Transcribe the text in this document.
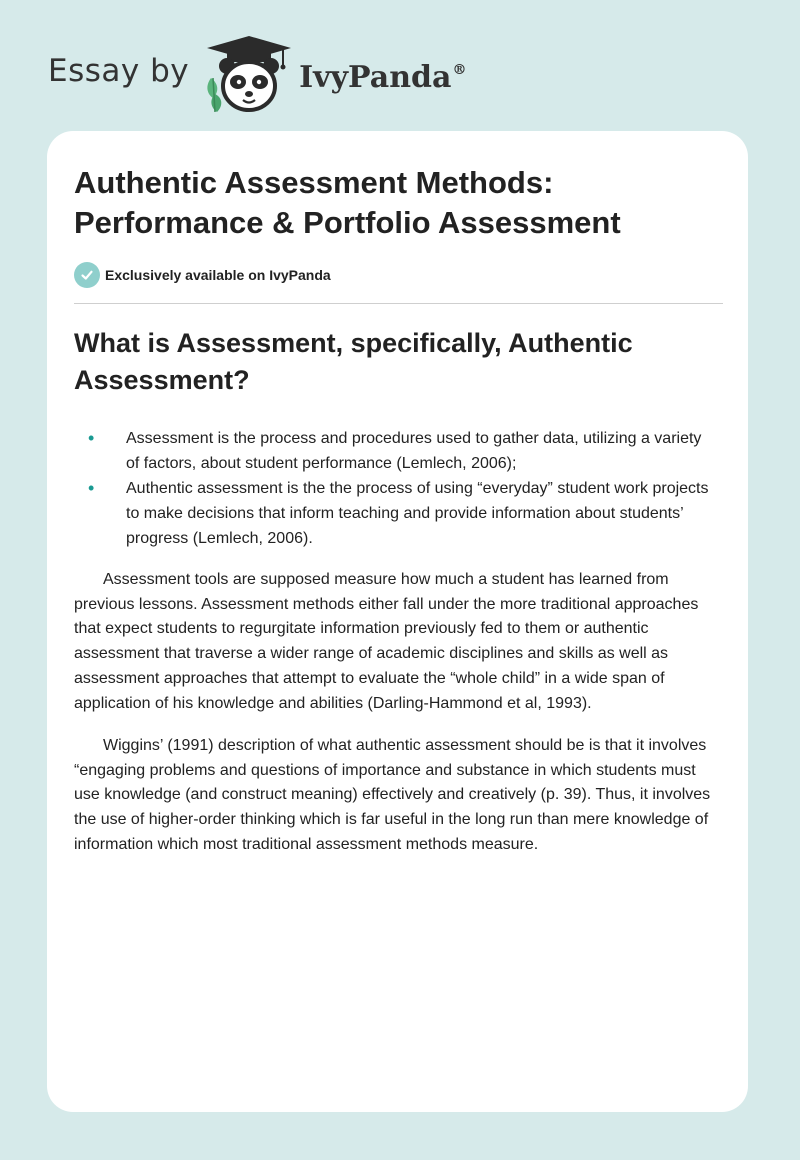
Essay by	IvyPanda®
Authentic Assessment Methods:
Performance & Portfolio Assessment
Exclusively available on IvyPanda
What is Assessment, specifically, Authentic Assessment?
• Assessment is the process and procedures used to gather data, utilizing a variety of factors, about student performance (Lemlech, 2006);
• Authentic assessment is the the process of using “everyday” student work projects to make decisions that inform teaching and provide information about students’ progress (Lemlech, 2006).

Assessment tools are supposed measure how much a student has learned from previous lessons. Assessment methods either fall under the more traditional approaches that expect students to regurgitate information previously fed to them or authentic assessment that traverse a wider range of academic disciplines and skills as well as assessment approaches that attempt to evaluate the “whole child” in a wide span of application of his knowledge and abilities (Darling-Hammond et al, 1993).

Wiggins’ (1991) description of what authentic assessment should be is that it involves “engaging problems and questions of importance and substance in which students must use knowledge (and construct meaning) effectively and creatively (p. 39). Thus, it involves the use of higher-order thinking which is far useful in the long run than mere knowledge of information which most traditional assessment methods measure.
